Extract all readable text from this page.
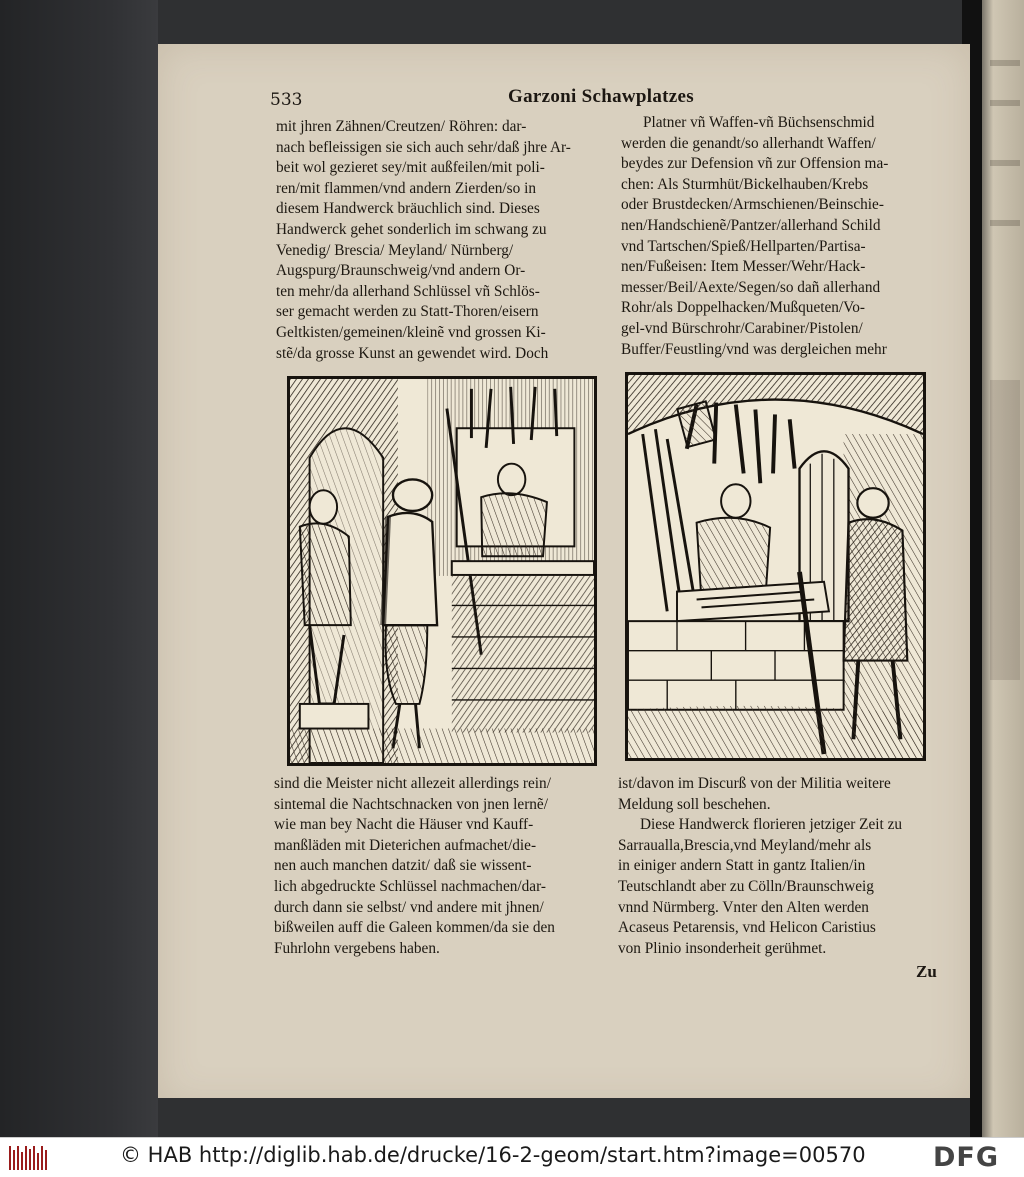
533	Garzoni Schawplatzes
mit jhren Zähnen/Creutzen/ Röhren: dar-
nach befleissigen sie sich auch sehr/daß jhre Ar-
beit wol gezieret sey/mit außfeilen/mit poli-
ren/mit flammen/vnd andern Zierden/so in
diesem Handwerck bräuchlich sind. Dieses
Handwerck gehet sonderlich im schwang zu
Venedig/ Brescia/ Meyland/ Nürnberg/
Augspurg/Braunschweig/vnd andern Or-
ten mehr/da allerhand Schlüssel vñ Schlös-
ser gemacht werden zu Statt-Thoren/eisern
Geltkisten/gemeinen/kleinẽ vnd grossen Ki-
stẽ/da grosse Kunst an gewendet wird. Doch
Platner vñ Waffen-vñ Büchsenschmid
werden die genandt/so allerhandt Waffen/
beydes zur Defension vñ zur Offension ma-
chen: Als Sturmhüt/Bickelhauben/Krebs
oder Brustdecken/Armschienen/Beinschie-
nen/Handschienẽ/Pantzer/allerhand Schild
vnd Tartschen/Spieß/Hellparten/Partisa-
nen/Fußeisen: Item Messer/Wehr/Hack-
messer/Beil/Aexte/Segen/so dañ allerhand
Rohr/als Doppelhacken/Mußqueten/Vo-
gel-vnd Bürschrohr/Carabiner/Pistolen/
Buffer/Feustling/vnd was dergleichen mehr
sind die Meister nicht allezeit allerdings rein/
sintemal die Nachtschnacken von jnen lernẽ/
wie man bey Nacht die Häuser vnd Kauff-
manßläden mit Dieterichen aufmachet/die-
nen auch manchen datzit/ daß sie wissent-
lich abgedruckte Schlüssel nachmachen/dar-
durch dann sie selbst/ vnd andere mit jhnen/
bißweilen auff die Galeen kommen/da sie den
Fuhrlohn vergebens haben.
ist/davon im Discurß von der Militia weitere
Meldung soll beschehen.
Diese Handwerck florieren jetziger Zeit zu
Sarrauallа,Brescia,vnd Meyland/mehr als
in einiger andern Statt in gantz Italien/in
Teutschlandt aber zu Cölln/Braunschweig
vnnd Nürmberg. Vnter den Alten werden
Acaseus Petarensis, vnd Helicon Caristius
von Plinio insonderheit gerühmet.
Zu
© HAB http://diglib.hab.de/drucke/16-2-geom/start.htm?image=00570 DFG
